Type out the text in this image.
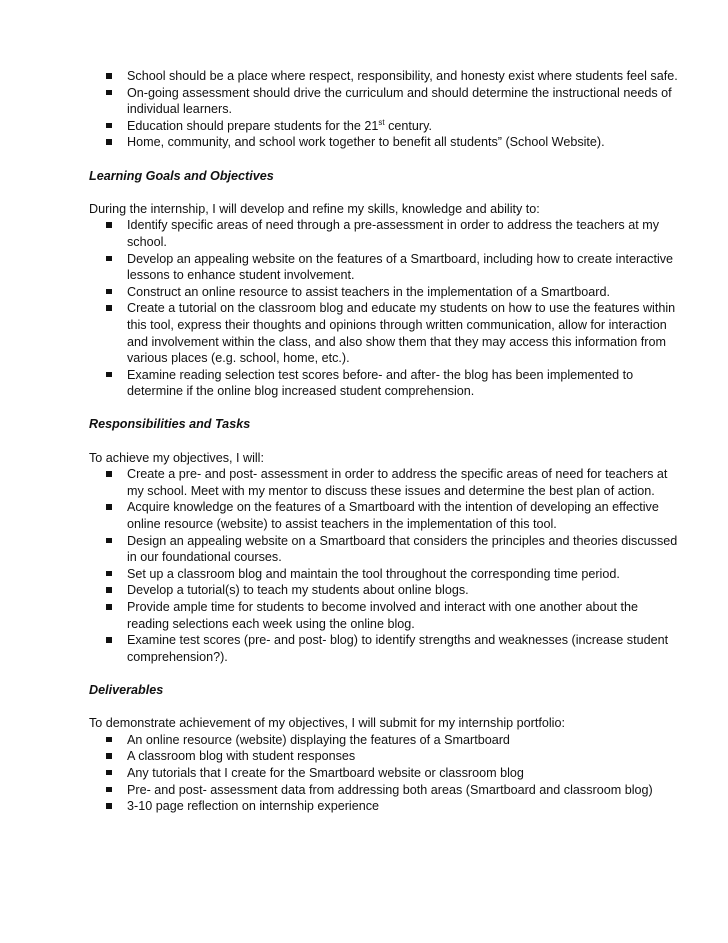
School should be a place where respect, responsibility, and honesty exist where students feel safe.
On-going assessment should drive the curriculum and should determine the instructional needs of
individual learners.
Education should prepare students for the 21st century.
Home, community, and school work together to benefit all students” (School Website).

Learning Goals and Objectives

During the internship, I will develop and refine my skills, knowledge and ability to:

Identify specific areas of need through a pre-assessment in order to address the teachers at my
school.
Develop an appealing website on the features of a Smartboard, including how to create interactive
lessons to enhance student involvement.
Construct an online resource to assist teachers in the implementation of a Smartboard.
Create a tutorial on the classroom blog and educate my students on how to use the features within
this tool, express their thoughts and opinions through written communication, allow for interaction
and involvement within the class, and also show them that they may access this information from
various places (e.g. school, home, etc.).
Examine reading selection test scores before- and after- the blog has been implemented to
determine if the online blog increased student comprehension.

Responsibilities and Tasks

To achieve my objectives, I will:

Create a pre- and post- assessment in order to address the specific areas of need for teachers at
my school. Meet with my mentor to discuss these issues and determine the best plan of action.
Acquire knowledge on the features of a Smartboard with the intention of developing an effective
online resource (website) to assist teachers in the implementation of this tool.
Design an appealing website on a Smartboard that considers the principles and theories discussed
in our foundational courses.
Set up a classroom blog and maintain the tool throughout the corresponding time period.
Develop a tutorial(s) to teach my students about online blogs.
Provide ample time for students to become involved and interact with one another about the
reading selections each week using the online blog.
Examine test scores (pre- and post- blog) to identify strengths and weaknesses (increase student
comprehension?).

Deliverables

To demonstrate achievement of my objectives, I will submit for my internship portfolio:

An online resource (website) displaying the features of a Smartboard
A classroom blog with student responses
Any tutorials that I create for the Smartboard website or classroom blog
Pre- and post- assessment data from addressing both areas (Smartboard and classroom blog)
3-10 page reflection on internship experience
